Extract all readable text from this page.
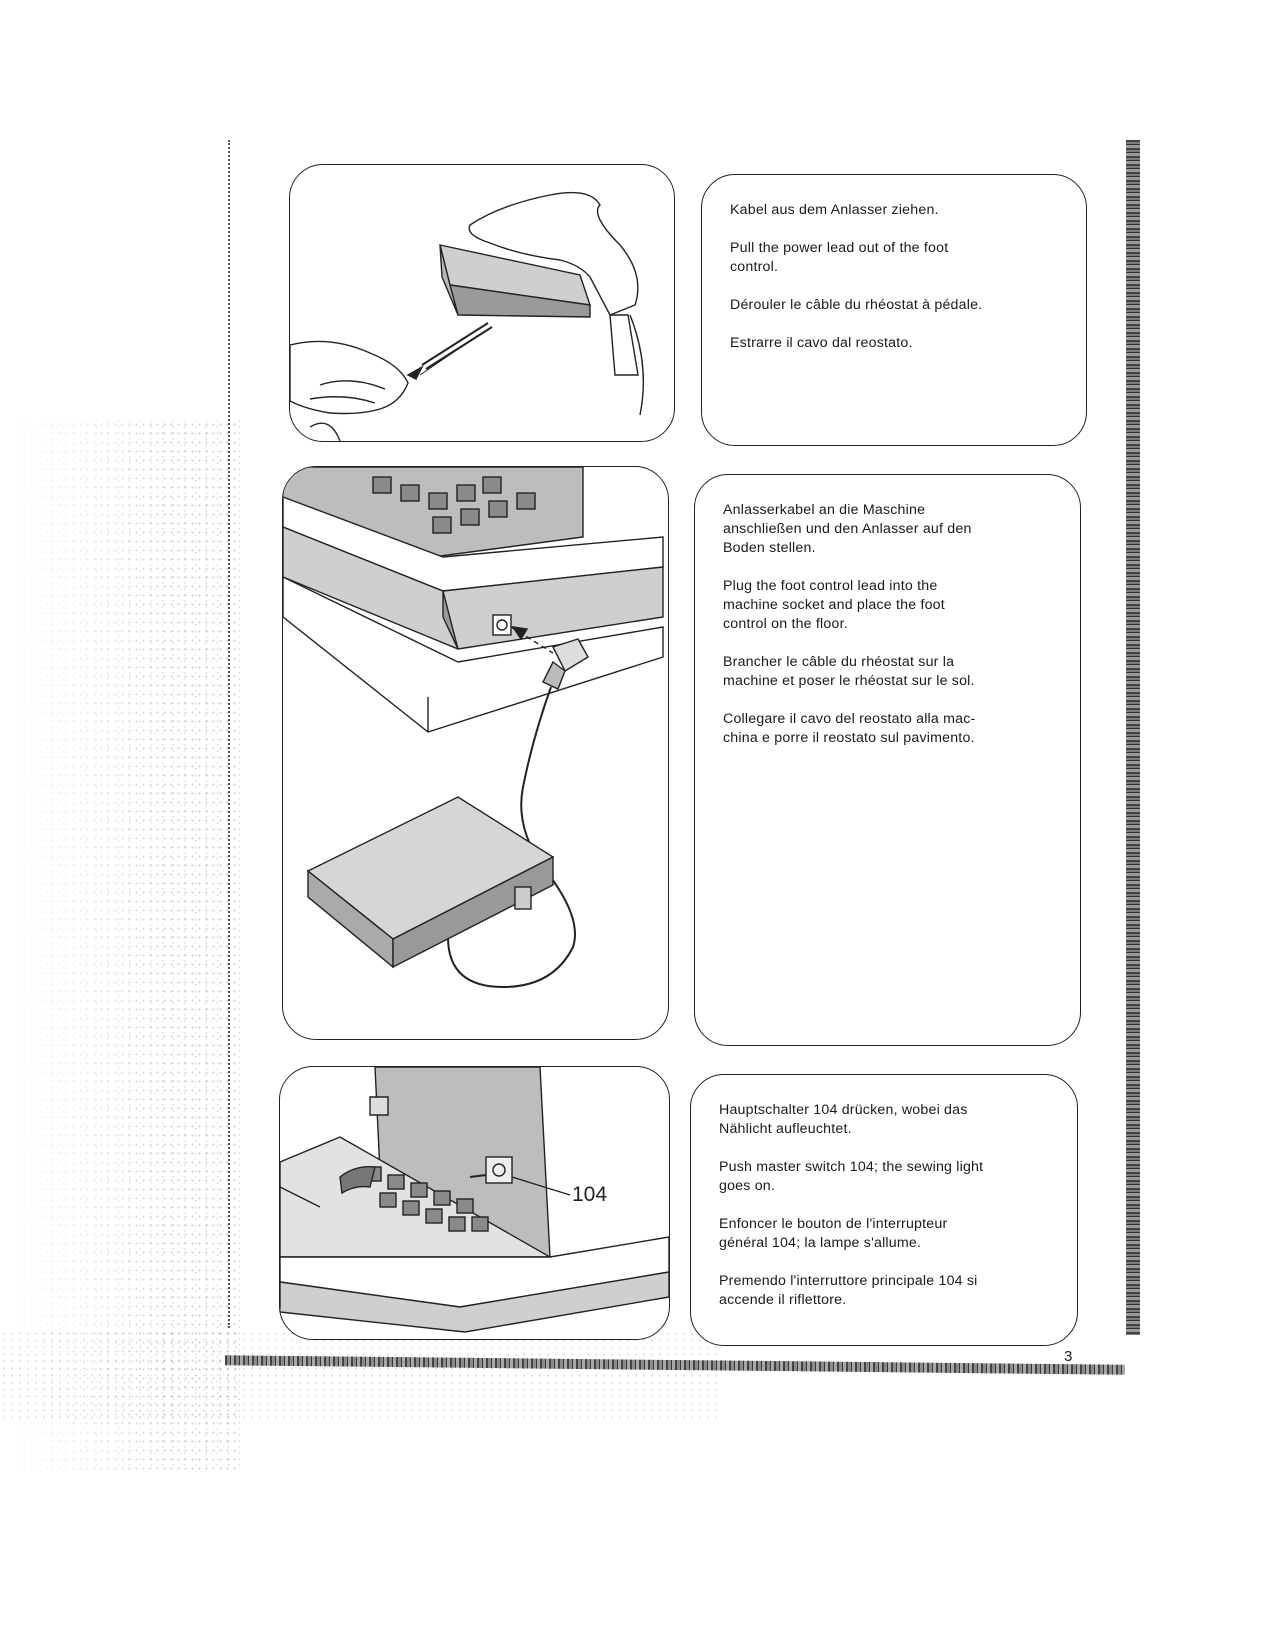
Kabel aus dem Anlasser ziehen.

Pull the power lead out of the foot
control.

Dérouler le câble du rhéostat à pédale.

Estrarre il cavo dal reostato.

Anlasserkabel an die Maschine
anschließen und den Anlasser auf den
Boden stellen.

Plug the foot control lead into the
machine socket and place the foot
control on the floor.

Brancher le câble du rhéostat sur la
machine et poser le rhéostat sur le sol.

Collegare il cavo del reostato alla mac-
china e porre il reostato sul pavimento.

104

Hauptschalter 104 drücken, wobei das
Nählicht aufleuchtet.

Push master switch 104; the sewing light
goes on.

Enfoncer le bouton de l'interrupteur
général 104; la lampe s'allume.

Premendo l'interruttore principale 104 si
accende il riflettore.

3
